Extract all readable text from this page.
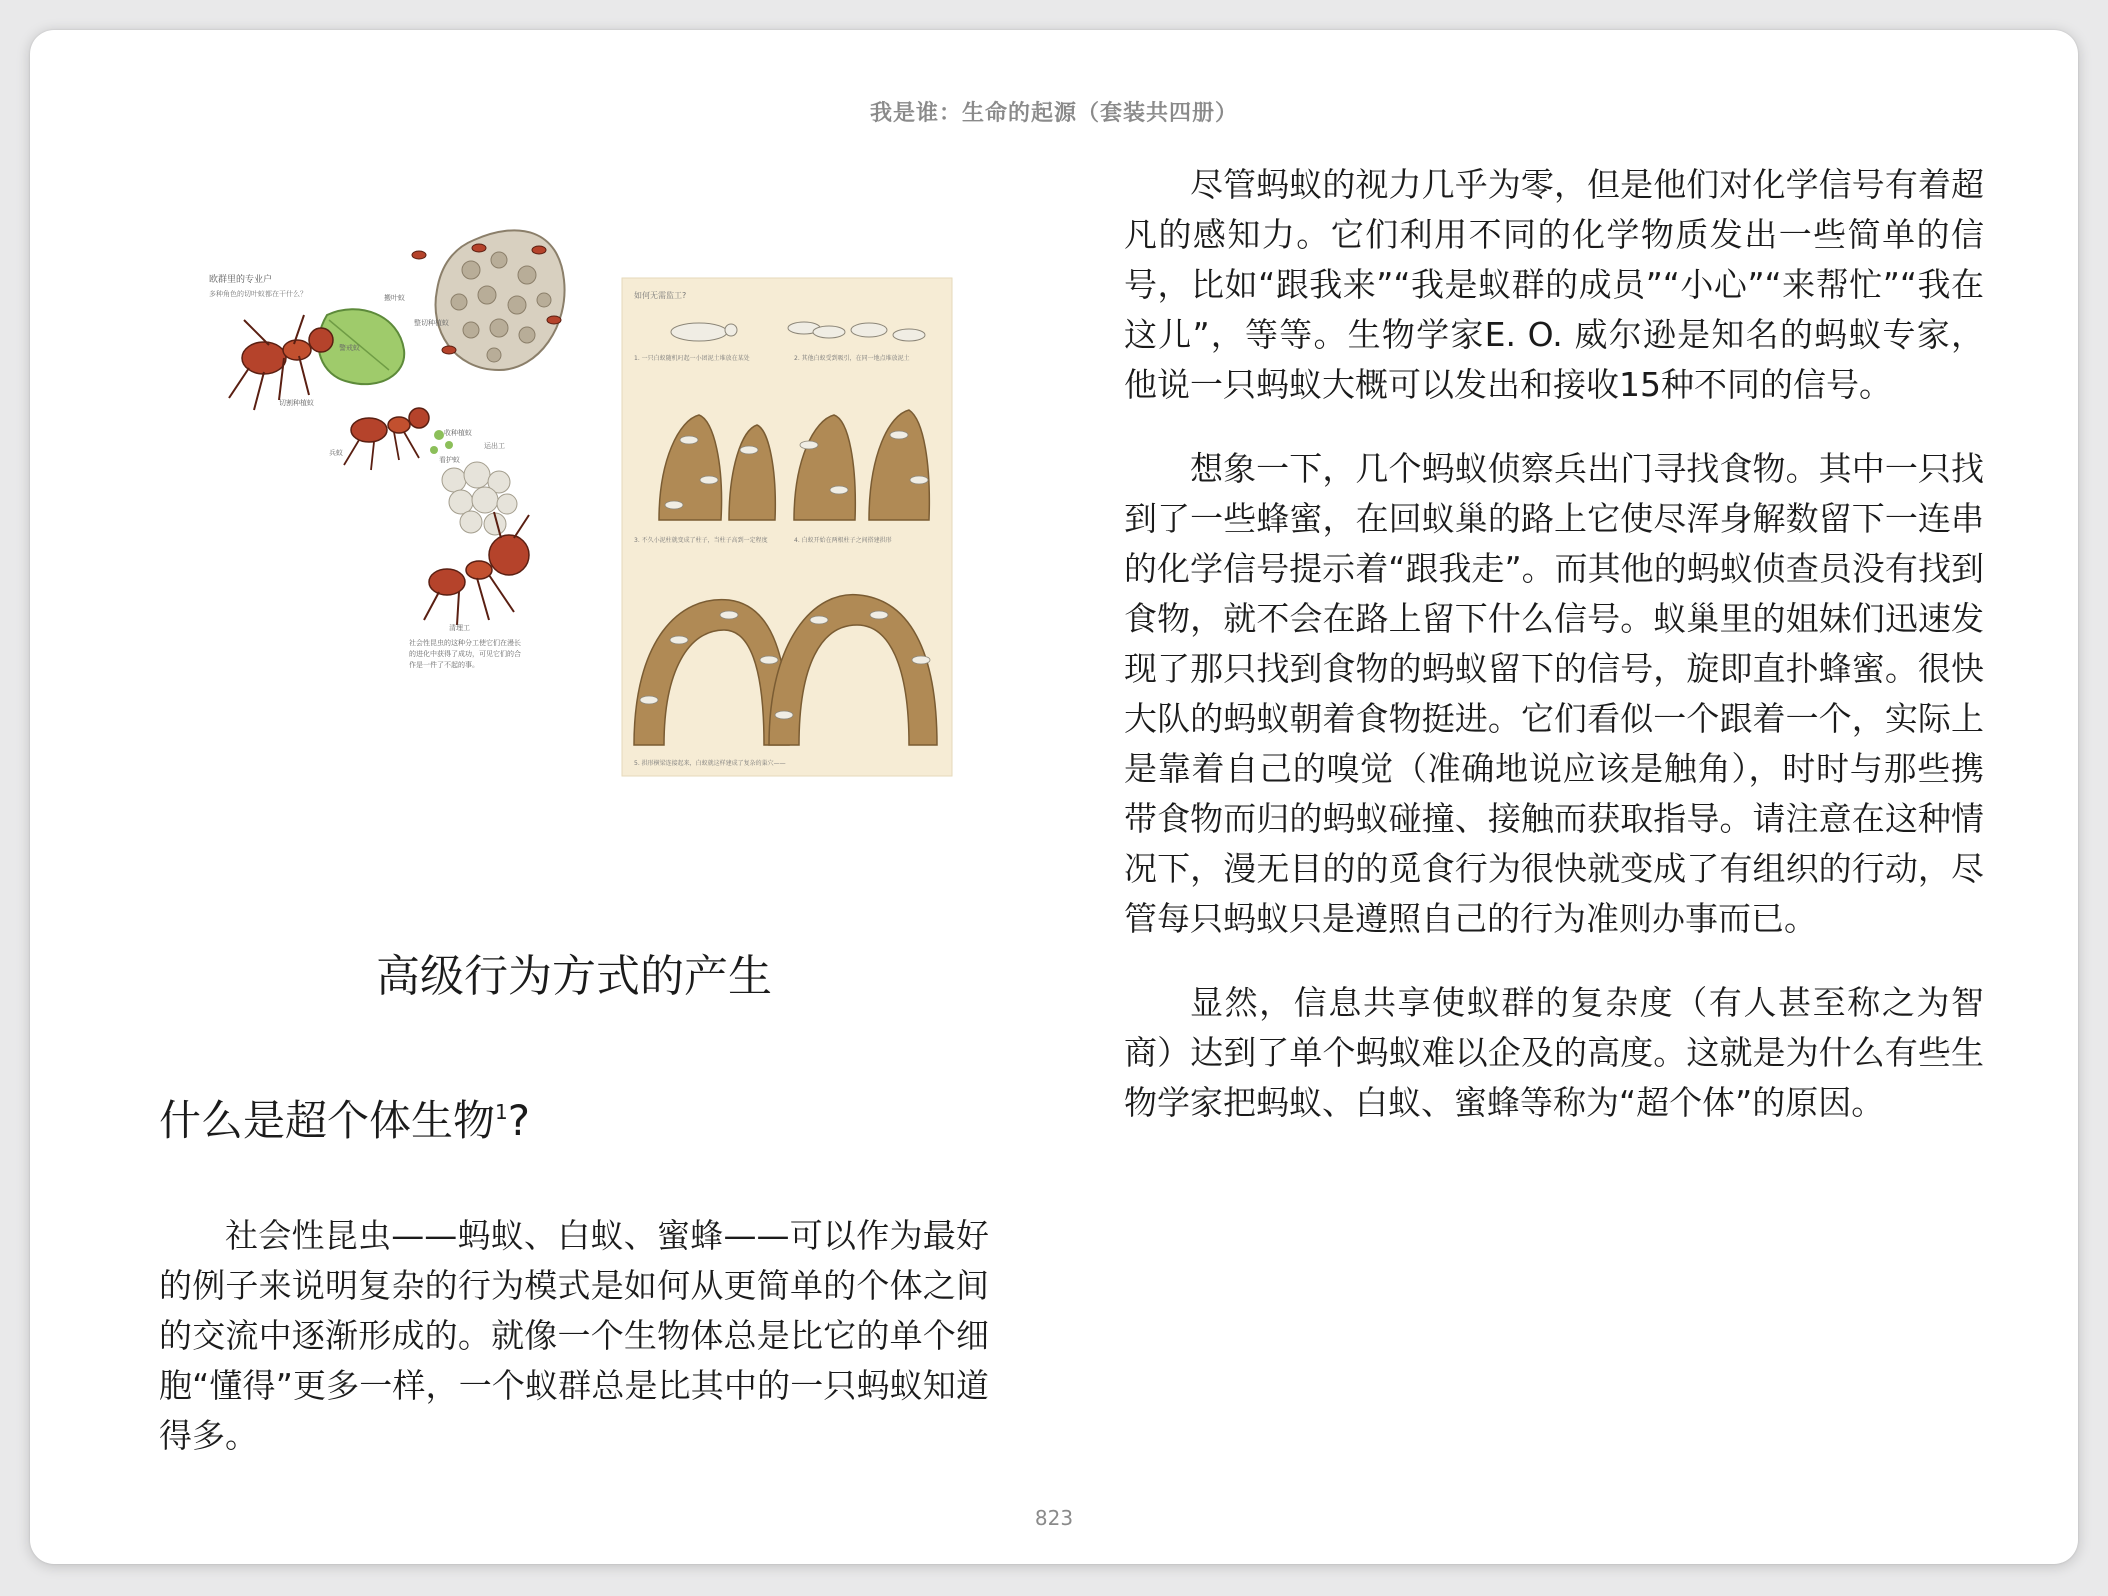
我是谁：生命的起源（套装共四册）
欧群里的专业户
多种角色的切叶蚁都在干什么？	搬叶蚁
整切种植蚁
警戒蚁
切割种植蚁
兵蚁
看护蚁
收种植蚁
运出工
清理工
社会性昆虫的这种分工使它们在漫长的进化中获得了成功，可见它们的合作是一件了不起的事。
如何无需监工?
1. 一只白蚁随机叼起一小团泥土堆放在某处	2. 其他白蚁受到吸引，在同一地点堆放泥土
3. 不久小泥柱就变成了柱子，当柱子高到一定程度	4. 白蚁开始在两根柱子之间搭建拱形
5. 拱形横梁连接起来，白蚁就这样建成了复杂的巢穴——
高级行为方式的产生
什么是超个体生物$^1$?

社会性昆虫——蚂蚁、白蚁、蜜蜂——可以作为最好的例子来说明复杂的行为模式是如何从更简单的个体之间的交流中逐渐形成的。就像一个生物体总是比它的单个细胞“懂得”更多一样，一个蚁群总是比其中的一只蚂蚁知道得多。

尽管蚂蚁的视力几乎为零，但是他们对化学信号有着超凡的感知力。它们利用不同的化学物质发出一些简单的信号，比如“跟我来”“我是蚁群的成员”“小心”“来帮忙”“我在这儿”，等等。生物学家E. O. 威尔逊是知名的蚂蚁专家，他说一只蚂蚁大概可以发出和接收15种不同的信号。

想象一下，几个蚂蚁侦察兵出门寻找食物。其中一只找到了一些蜂蜜，在回蚁巢的路上它使尽浑身解数留下一连串的化学信号提示着“跟我走”。而其他的蚂蚁侦查员没有找到食物，就不会在路上留下什么信号。蚁巢里的姐妹们迅速发现了那只找到食物的蚂蚁留下的信号，旋即直扑蜂蜜。很快大队的蚂蚁朝着食物挺进。它们看似一个跟着一个，实际上是靠着自己的嗅觉（准确地说应该是触角），时时与那些携带食物而归的蚂蚁碰撞、接触而获取指导。请注意在这种情况下，漫无目的的觅食行为很快就变成了有组织的行动，尽管每只蚂蚁只是遵照自己的行为准则办事而已。

显然，信息共享使蚁群的复杂度（有人甚至称之为智商）达到了单个蚂蚁难以企及的高度。这就是为什么有些生物学家把蚂蚁、白蚁、蜜蜂等称为“超个体”的原因。

823
